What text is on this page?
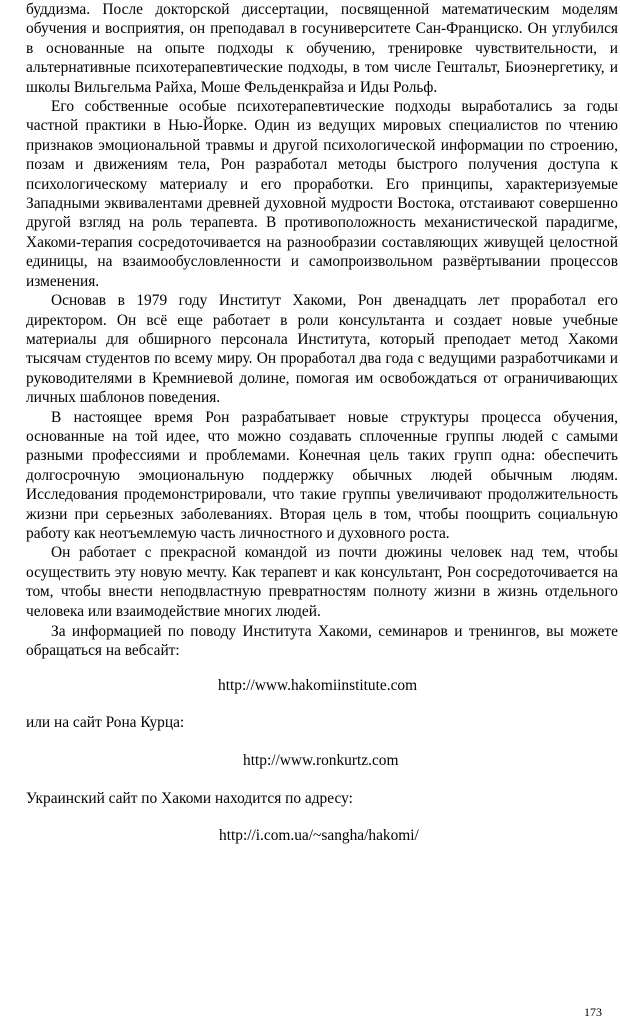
буддизма. После докторской диссертации, посвященной математическим моделям обучения и восприятия, он преподавал в госуниверситете Сан-Франциско. Он углубился в основанные на опыте подходы к обучению, тренировке чувствительности, и альтернативные психотерапевтические подходы, в том числе Гештальт, Биоэнергетику, и школы Вильгельма Райха, Моше Фельденкрайза и Иды Рольф.

Его собственные особые психотерапевтические подходы выработались за годы частной практики в Нью-Йорке. Один из ведущих мировых специалистов по чтению признаков эмоциональной травмы и другой психологической информации по строению, позам и движениям тела, Рон разработал методы быстрого получения доступа к психологическому материалу и его проработки. Его принципы, характеризуемые Западными эквивалентами древней духовной мудрости Востока, отстаивают совершенно другой взгляд на роль терапевта. В противоположность механистической парадигме, Хакоми-терапия сосредоточивается на разнообразии составляющих живущей целостной единицы, на взаимообусловленности и самопроизвольном развёртывании процессов изменения.

Основав в 1979 году Институт Хакоми, Рон двенадцать лет проработал его директором. Он всё еще работает в роли консультанта и создает новые учебные материалы для обширного персонала Института, который преподает метод Хакоми тысячам студентов по всему миру. Он проработал два года с ведущими разработчиками и руководителями в Кремниевой долине, помогая им освобождаться от ограничивающих личных шаблонов поведения.

В настоящее время Рон разрабатывает новые структуры процесса обучения, основанные на той идее, что можно создавать сплоченные группы людей с самыми разными профессиями и проблемами. Конечная цель таких групп одна: обеспечить долгосрочную эмоциональную поддержку обычных людей обычным людям. Исследования продемонстрировали, что такие группы увеличивают продолжительность жизни при серьезных заболеваниях. Вторая цель в том, чтобы поощрить социальную работу как неотъемлемую часть личностного и духовного роста.

Он работает с прекрасной командой из почти дюжины человек над тем, чтобы осуществить эту новую мечту. Как терапевт и как консультант, Рон сосредоточивается на том, чтобы внести неподвластную превратностям полноту жизни в жизнь отдельного человека или взаимодействие многих людей.

За информацией по поводу Института Хакоми, семинаров и тренингов, вы можете обращаться на вебсайт:
http://www.hakomiinstitute.com
или на сайт Рона Курца:
http://www.ronkurtz.com
Украинский сайт по Хакоми находится по адресу:
http://i.com.ua/~sangha/hakomi/
173
